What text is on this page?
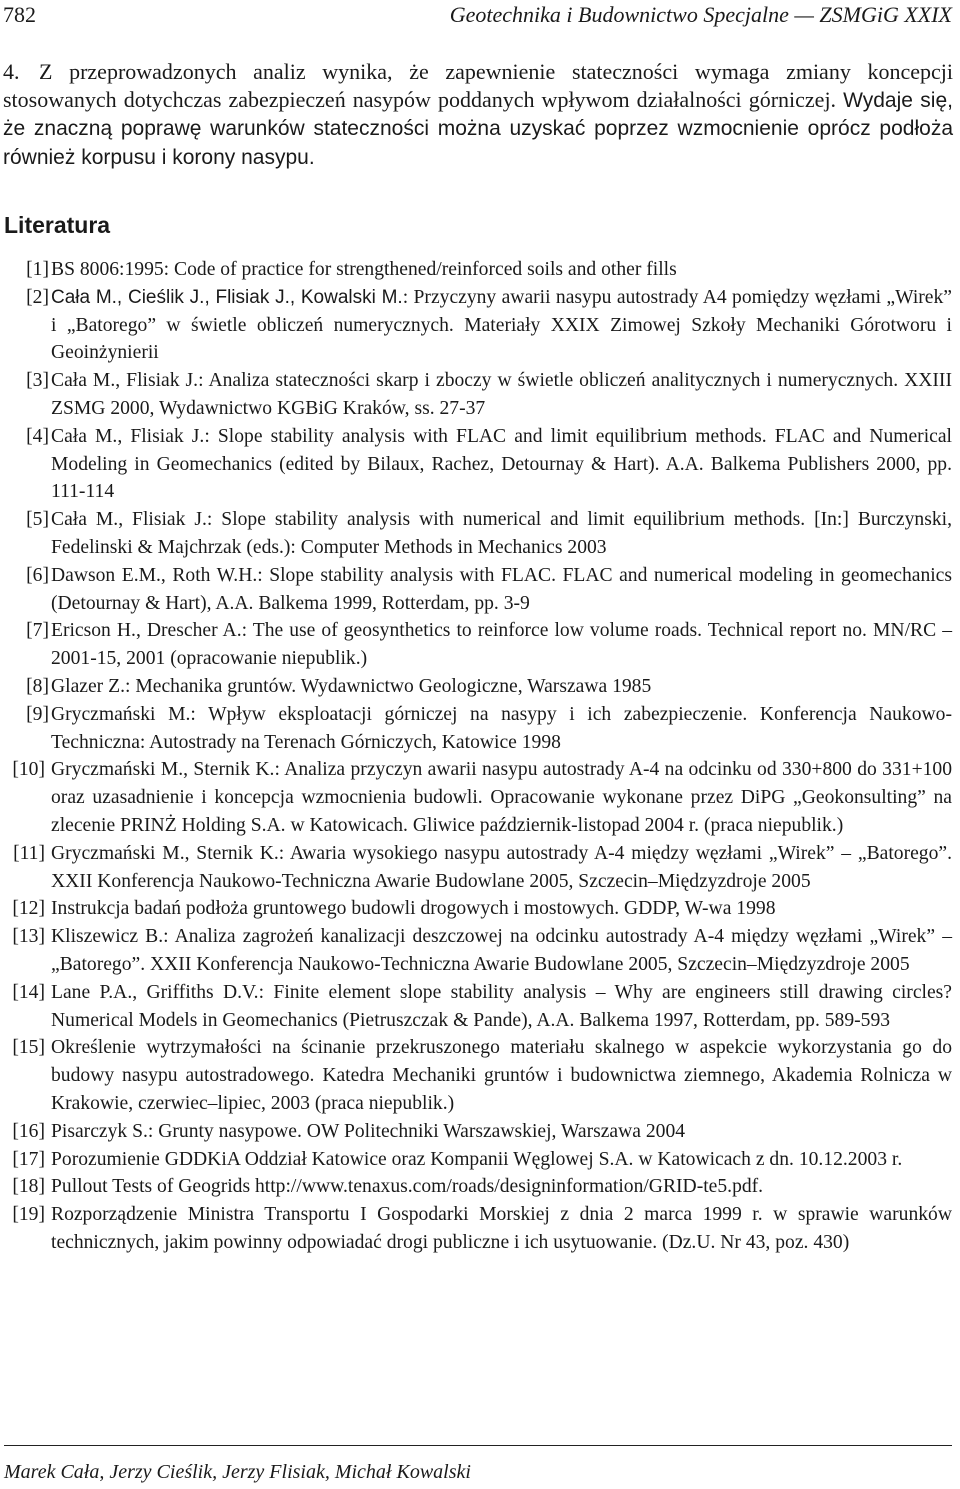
782	Geotechnika i Budownictwo Specjalne — ZSMGiG XXIX
4. Z przeprowadzonych analiz wynika, że zapewnienie stateczności wymaga zmiany koncepcji stosowanych dotychczas zabezpieczeń nasypów poddanych wpływom działalności górniczej. Wydaje się, że znaczną poprawę warunków stateczności można uzyskać poprzez wzmocnienie oprócz podłoża również korpusu i korony nasypu.
Literatura
[1] BS 8006:1995: Code of practice for strengthened/reinforced soils and other fills
[2] Cała M., Cieślik J., Flisiak J., Kowalski M.: Przyczyny awarii nasypu autostrady A4 pomiędzy węzłami „Wirek” i „Batorego” w świetle obliczeń numerycznych. Materiały XXIX Zimowej Szkoły Mechaniki Górotworu i Geoinżynierii
[3] Cała M., Flisiak J.: Analiza stateczności skarp i zboczy w świetle obliczeń analitycznych i numerycznych. XXIII ZSMG 2000, Wydawnictwo KGBiG Kraków, ss. 27-37
[4] Cała M., Flisiak J.: Slope stability analysis with FLAC and limit equilibrium methods. FLAC and Numerical Modeling in Geomechanics (edited by Bilaux, Rachez, Detournay & Hart). A.A. Balkema Publishers 2000, pp. 111-114
[5] Cała M., Flisiak J.: Slope stability analysis with numerical and limit equilibrium methods. [In:] Burczynski, Fedelinski & Majchrzak (eds.): Computer Methods in Mechanics 2003
[6] Dawson E.M., Roth W.H.: Slope stability analysis with FLAC. FLAC and numerical modeling in geomechanics (Detournay & Hart), A.A. Balkema 1999, Rotterdam, pp. 3-9
[7] Ericson H., Drescher A.: The use of geosynthetics to reinforce low volume roads. Technical report no. MN/RC – 2001-15, 2001 (opracowanie niepublik.)
[8] Glazer Z.: Mechanika gruntów. Wydawnictwo Geologiczne, Warszawa 1985
[9] Gryczmański M.: Wpływ eksploatacji górniczej na nasypy i ich zabezpieczenie. Konferencja Naukowo-Techniczna: Autostrady na Terenach Górniczych, Katowice 1998
[10] Gryczmański M., Sternik K.: Analiza przyczyn awarii nasypu autostrady A-4 na odcinku od 330+800 do 331+100 oraz uzasadnienie i koncepcja wzmocnienia budowli. Opracowanie wykonane przez DiPG „Geokonsulting” na zlecenie PRINŻ Holding S.A. w Katowicach. Gliwice październik-listopad 2004 r. (praca niepublik.)
[11] Gryczmański M., Sternik K.: Awaria wysokiego nasypu autostrady A-4 między węzłami „Wirek” – „Batorego”. XXII Konferencja Naukowo-Techniczna Awarie Budowlane 2005, Szczecin–Międzyzdroje 2005
[12] Instrukcja badań podłoża gruntowego budowli drogowych i mostowych. GDDP, W-wa 1998
[13] Kliszewicz B.: Analiza zagrożeń kanalizacji deszczowej na odcinku autostrady A-4 między węzłami „Wirek” – „Batorego”. XXII Konferencja Naukowo-Techniczna Awarie Budowlane 2005, Szczecin–Międzyzdroje 2005
[14] Lane P.A., Griffiths D.V.: Finite element slope stability analysis – Why are engineers still drawing circles? Numerical Models in Geomechanics (Pietruszczak & Pande), A.A. Balkema 1997, Rotterdam, pp. 589-593
[15] Określenie wytrzymałości na ścinanie przekruszonego materiału skalnego w aspekcie wykorzystania go do budowy nasypu autostradowego. Katedra Mechaniki gruntów i budownictwa ziemnego, Akademia Rolnicza w Krakowie, czerwiec–lipiec, 2003 (praca niepublik.)
[16] Pisarczyk S.: Grunty nasypowe. OW Politechniki Warszawskiej, Warszawa 2004
[17] Porozumienie GDDKiA Oddział Katowice oraz Kompanii Węglowej S.A. w Katowicach z dn. 10.12.2003 r.
[18] Pullout Tests of Geogrids http://www.tenaxus.com/roads/designinformation/GRID-te5.pdf.
[19] Rozporządzenie Ministra Transportu I Gospodarki Morskiej z dnia 2 marca 1999 r. w sprawie warunków technicznych, jakim powinny odpowiadać drogi publiczne i ich usytuowanie. (Dz.U. Nr 43, poz. 430)
Marek Cała, Jerzy Cieślik, Jerzy Flisiak, Michał Kowalski
